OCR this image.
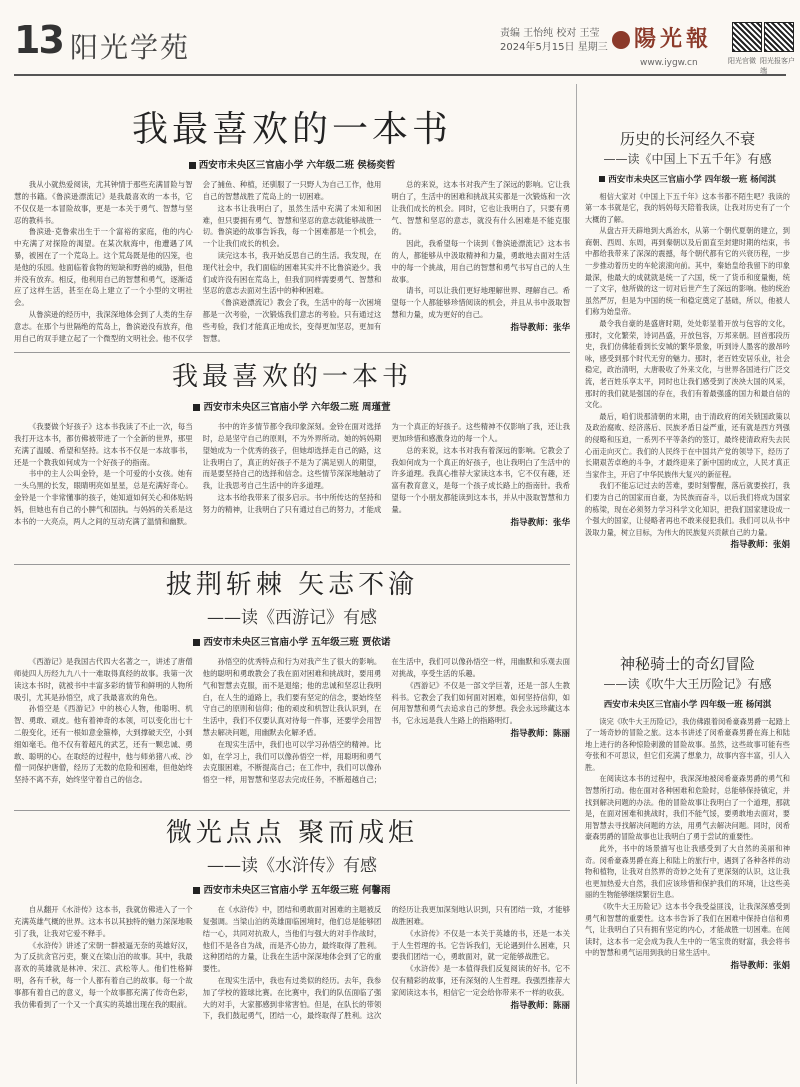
13 阳光学苑	责编 王怡纯 校对 王莹
2024年5月15日 星期三	陽光報
www.iygw.cn	阳光官微 阳光报客户端
我最喜欢的一本书
西安市未央区三官庙小学 六年级二班 侯杨奕哲

我从小就热爱阅读，尤其钟情于那些充满冒险与智慧的书籍。《鲁滨逊漂流记》是我最喜欢的一本书，它不仅仅是一本冒险故事，更是一本关于勇气、智慧与坚忍的教科书。

鲁滨逊·克鲁索出生于一个富裕的家庭，他的内心中充满了对探险的渴望。在某次航海中，他遭遇了风暴，被困在了一个荒岛上。这个荒岛既是他的囚笼，也是他的乐园。他面临着食物的短缺和野兽的威胁，但他并没有放弃。相反，他利用自己的智慧和勇气，逐渐适应了这样生活，甚至在岛上建立了一个小型的文明社会。

从鲁滨逊的经历中，我深深地体会到了人类的生存意志。在那个与世隔绝的荒岛上，鲁滨逊没有放弃，他用自己的双手建立起了一个微型的文明社会。他不仅学会了捕鱼、种植，还驯服了一只野人为自己工作，他用自己的智慧战胜了荒岛上的一切困难。

这本书让我明白了，虽然生活中充满了未知和困难，但只要拥有勇气、智慧和坚忍的意志就能够战胜一切。鲁滨逊的故事告诉我，每一个困难都是一个机会，一个让我们成长的机会。

读完这本书，我开始反思自己的生活。我发现，在现代社会中，我们面临的困难其实并不比鲁滨逊少。我们或许没有困在荒岛上，但我们同样需要勇气、智慧和坚忍的意志去面对生活中的种种困难。

《鲁滨逊漂流记》教会了我，生活中的每一次困境都是一次考验，一次锻炼我们意志的考验。只有通过这些考验，我们才能真正地成长，变得更加坚忍，更加有智慧。

总的来说，这本书对我产生了深远的影响。它让我明白了，生活中的困难和挑战其实都是一次锻炼和一次让我们成长的机会。同时，它也让我明白了，只要有勇气、智慧和坚忍的意志，就没有什么困难是不能克服的。

因此，我希望每一个读到《鲁滨逊漂流记》这本书的人，都能够从中汲取精神和力量，勇敢地去面对生活中的每一个挑战，用自己的智慧和勇气书写自己的人生故事。

请书，可以让我们更好地理解世界、理解自己。希望每一个人都能够珍惜阅读的机会，并且从书中汲取智慧和力量，成为更好的自己。

指导教师：张华
我最喜欢的一本书
西安市未央区三官庙小学 六年级二班 周瑾萱

《我要做个好孩子》这本书我读了不止一次，每当我打开这本书，都仿佛被带进了一个全新的世界，那里充满了温暖、希望和坚持。这本书不仅是一本故事书，还是一个教我如何成为一个好孩子的指南。

书中的主人公叫金铃，是一个可爱的小女孩。她有一头乌黑的长发，眼睛明亮如星星，总是充满好奇心。金铃是一个非常懂事的孩子，她知道如何关心和体贴妈妈，但她也有自己的小脾气和固执。与妈妈的关系是这本书的一大亮点，两人之间的互动充满了温情和幽默。

书中的许多情节都令我印象深刻。金铃在面对选择时，总是坚守自己的原则，不为外界所动。她的妈妈期望她成为一个优秀的孩子，但她却选择走自己的路，这让我明白了，真正的好孩子不是为了满足别人的期望，而是要坚持自己的选择和信念。这些情节深深地触动了我，让我思考自己生活中的许多道理。

这本书给我带来了很多启示。书中所传达的坚持和努力的精神，让我明白了只有通过自己的努力，才能成为一个真正的好孩子。这些精神不仅影响了我，还让我更加珍惜和感激身边的每一个人。

总的来说，这本书对我有着深远的影响。它教会了我如何成为一个真正的好孩子，也让我明白了生活中的许多道理。我真心推荐大家读这本书，它不仅有趣，还富有教育意义，是每一个孩子成长路上的指南针。我希望每一个小朋友都能读到这本书，并从中汲取智慧和力量。

指导教师：张华
披荆斩棘 矢志不渝
——读《西游记》有感
西安市未央区三官庙小学 五年级三班 贾依诺

《西游记》是我国古代四大名著之一，讲述了唐僧师徒四人历经九九八十一难取得真经的故事。我第一次读这本书时，就被书中丰富多彩的情节和鲜明的人物所吸引，尤其是孙悟空，成了我最喜欢的角色。

孙悟空是《西游记》中的核心人物，他聪明、机智、勇敢、顽皮。他有着神奇的本领，可以变化出七十二般变化，还有一根如意金箍棒，大到撑破天空，小到细如毫毛。他不仅有着超凡的武艺，还有一颗忠诚、勇敢、聪明的心。在取经的过程中，他与师弟猪八戒、沙僧一同保护唐僧，经历了无数的危险和困难，但他始终坚持不离不弃，始终坚守着自己的信念。

孙悟空的优秀特点和行为对我产生了很大的影响。他的聪明和勇敢教会了我在面对困难和挑战时，要用勇气和智慧去克服，而不是退缩；他的忠诚和坚忍让我明白，在人生的道路上，我们要有坚定的信念，要始终坚守自己的原则和信仰；他的顽皮和机智让我认识到，在生活中，我们不仅要认真对待每一件事，还要学会用智慧去解决问题，用幽默去化解矛盾。

在现实生活中，我们也可以学习孙悟空的精神。比如，在学习上，我们可以像孙悟空一样，用聪明和勇气去克服困难，不断提高自己；在工作中，我们可以像孙悟空一样，用智慧和坚忍去完成任务，不断超越自己；在生活中，我们可以像孙悟空一样，用幽默和乐观去面对挑战，享受生活的乐趣。

《西游记》不仅是一部文学巨著，还是一部人生教科书。它教会了我们如何面对困难，如何坚持信仰，如何用智慧和勇气去追求自己的梦想。我会永远珍藏这本书，它永远是我人生路上的指路明灯。

指导教师：陈丽
微光点点 聚而成炬
——读《水浒传》有感
西安市未央区三官庙小学 五年级三班 何馨雨

自从翻开《水浒传》这本书，我就仿佛进入了一个充满英雄气概的世界。这本书以其独特的魅力深深地吸引了我，让我对它爱不释手。

《水浒传》讲述了宋朝一群被逼无奈的英雄好汉，为了反抗贪官污吏，聚义在梁山泊的故事。其中，我最喜欢的英雄就是林冲、宋江、武松等人。他们性格鲜明，各有千秋，每一个人都有着自己的故事。每一个故事都有着自己的意义，每一个故事都充满了传奇色彩，我仿佛看到了一个又一个真实的英雄出现在我的眼前。

在《水浒传》中，团结和勇敢面对困难的主题被反复强调。当梁山泊的英雄面临困境时，他们总是能够团结一心，共同对抗敌人，当他们与强大的对手作战时，他们不是各自为战，而是齐心协力，最终取得了胜利。这种团结的力量，让我在生活中深深地体会到了它的重要性。

在现实生活中，我也有过类似的经历。去年，我参加了学校的篮球比赛。在比赛中，我们的队伍面临了强大的对手，大家都感到非常害怕。但是，在队长的带领下，我们鼓起勇气，团结一心，最终取得了胜利。这次的经历让我更加深刻地认识到，只有团结一致，才能够战胜困难。

《水浒传》不仅是一本关于英雄的书，还是一本关于人生哲理的书。它告诉我们，无论遇到什么困难，只要我们团结一心，勇敢面对，就一定能够战胜它。

《水浒传》是一本值得我们反复阅读的好书。它不仅有精彩的故事，还有深刻的人生哲理。我强烈推荐大家阅读这本书，相信它一定会给你带来不一样的收获。

指导教师：陈丽
历史的长河经久不衰
——读《中国上下五千年》有感
西安市未央区三官庙小学 四年级一班 杨闰淇

相信大家对《中国上下五千年》这本书都不陌生吧？我读的第一本书就是它，我的妈妈每天陪着我读，让我对历史有了一个大概的了解。

从盘古开天辟地到大禹治水，从第一个朝代夏朝的建立，到商朝、西周、东周，再到秦朝以及后面直至封建时期的结束，书中都给我带来了深深的震撼，每个朝代都有它的兴衰历程，一步一步推动着历史的车轮滚滚向前。其中，秦始皇给我留下的印象最深，他最大的成就就是统一了六国，统一了货币和度量衡，统一了文字，他所做的这一切对后世产生了深远的影响。他的统治虽然严厉，但是为中国的统一和稳定奠定了基础，所以，他被人们称为始皇帝。

最令我自豪的是盛唐时期，处处彰显着开放与包容的文化，那时，文化繁荣，诗词昌盛，开放包容，万邦来朝。回首那段历史，我们仿佛能看到长安城的繁华景象，听到诗人墨客的激昂吟咏，感受到那个时代无穷的魅力。那时，老百姓安居乐业，社会稳定，政治清明，大唐吸收了外来文化，与世界各国进行广泛交流，老百姓乐享太平，同时也让我们感受到了泱泱大国的风采，那时的我们就是强国的存在，我们有着最强盛的国力和最自信的文化。

最后，咱们说那清朝的末期，由于清政府的闭关锁国政策以及政治腐败、经济落后、民族矛盾日益严重，还有就是西方列强的侵略和压迫，一系列不平等条约的签订，最终使清政府失去民心而走向灭亡。我们的人民终于在中国共产党的领导下，经历了长期艰苦卓绝的斗争，才最终迎来了新中国的成立，人民才真正当家作主，开启了中华民族伟大复兴的新征程。

我们不能忘记过去的苦难，要时刻警醒，落后就要挨打，我们要为自己的国家而自豪，为民族而奋斗，以后我们将成为国家的栋梁，现在必须努力学习科学文化知识，把我们国家建设成一个强大的国家，让侵略者再也不敢来侵犯我们。我们可以从书中汲取力量，树立目标，为伟大的民族复兴贡献自己的力量。

指导教师：张娟
神秘骑士的奇幻冒险
——读《吹牛大王历险记》有感
西安市未央区三官庙小学 四年级一班 杨闰淇

读完《吹牛大王历险记》，我仿佛跟着闵希豪森男爵一起踏上了一场奇妙的冒险之旅。这本书讲述了闵希豪森男爵在海上和陆地上进行的各种惊险刺激的冒险故事。虽然，这些故事可能有些夸张和不可思议，但它们充满了想象力，故事内容丰富，引人入胜。

在阅读这本书的过程中，我深深地被闵希豪森男爵的勇气和智慧所打动。他在面对各种困难和危险时，总能够保持镇定，并找到解决问题的办法。他的冒险故事让我明白了一个道理，那就是，在面对困难和挑战时，我们不能气馁，要勇敢地去面对，要用智慧去寻找解决问题的方法，用勇气去解决问题。同时，闵希豪森男爵的冒险故事也让我明白了勇于尝试的重要性。

此外，书中的场景描写也让我感受到了大自然的美丽和神奇。闵希豪森男爵在海上和陆上的旅行中，遇到了各种各样的动物和植物，让我对自然界的奇妙之处有了更深刻的认识，这让我也更加热爱大自然，我们应该珍惜和保护我们的环境，让这些美丽的生物能够继续繁衍生息。

《吹牛大王历险记》这本书令我受益匪浅，让我深深感受到勇气和智慧的重要性。这本书告诉了我们在困难中保持自信和勇气，让我明白了只有拥有坚定的内心，才能战胜一切困难。在阅读时，这本书一定会成为我人生中的一笔宝贵的财富，我会将书中的智慧和勇气运用到我的日常生活中。

指导教师：张娟
